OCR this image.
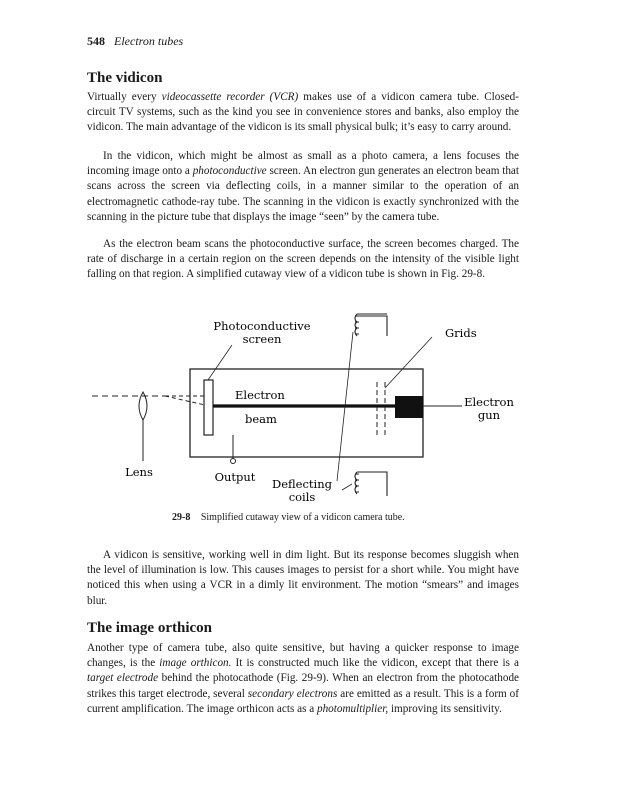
548 Electron tubes
The vidicon

Virtually every videocassette recorder (VCR) makes use of a vidicon camera tube. Closed-circuit TV systems, such as the kind you see in convenience stores and banks, also employ the vidicon. The main advantage of the vidicon is its small physical bulk; it’s easy to carry around.

In the vidicon, which might be almost as small as a photo camera, a lens focuses the incoming image onto a photoconductive screen. An electron gun generates an electron beam that scans across the screen via deflecting coils, in a manner similar to the operation of an electromagnetic cathode-ray tube. The scanning in the vidicon is exactly synchronized with the scanning in the picture tube that displays the image “seen” by the camera tube.

As the electron beam scans the photoconductive surface, the screen becomes charged. The rate of discharge in a certain region on the screen depends on the intensity of the visible light falling on that region. A simplified cutaway view of a vidicon tube is shown in Fig. 29-8.

Photoconductive
screen	Grids
Electron
beam
Electron
gun
Lens	Output Deflecting
coils
29-8 Simplified cutaway view of a vidicon camera tube.

A vidicon is sensitive, working well in dim light. But its response becomes sluggish when the level of illumination is low. This causes images to persist for a short while. You might have noticed this when using a VCR in a dimly lit environment. The motion “smears” and images blur.

The image orthicon

Another type of camera tube, also quite sensitive, but having a quicker response to image changes, is the image orthicon. It is constructed much like the vidicon, except that there is a target electrode behind the photocathode (Fig. 29-9). When an electron from the photocathode strikes this target electrode, several secondary electrons are emitted as a result. This is a form of current amplification. The image orthicon acts as a photomultiplier, improving its sensitivity.
